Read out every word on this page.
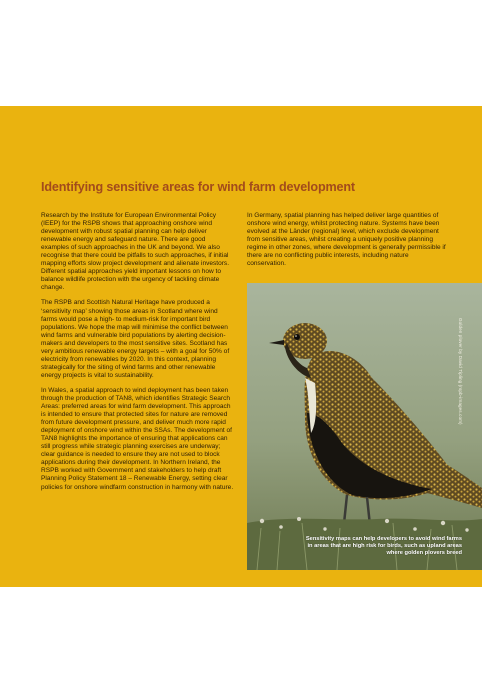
Identifying sensitive areas for wind farm development

Research by the Institute for European Environmental Policy (IEEP) for the RSPB shows that approaching onshore wind development with robust spatial planning can help deliver renewable energy and safeguard nature. There are good examples of such approaches in the UK and beyond. We also recognise that there could be pitfalls to such approaches, if initial mapping efforts slow project development and alienate investors. Different spatial approaches yield important lessons on how to balance wildlife protection with the urgency of tackling climate change.

The RSPB and Scottish Natural Heritage have produced a ‘sensitivity map’ showing those areas in Scotland where wind farms would pose a high- to medium-risk for important bird populations. We hope the map will minimise the conflict between wind farms and vulnerable bird populations by alerting decision-makers and developers to the most sensitive sites. Scotland has very ambitious renewable energy targets – with a goal for 50% of electricity from renewables by 2020. In this context, planning strategically for the siting of wind farms and other renewable energy projects is vital to sustainability.

In Wales, a spatial approach to wind deployment has been taken through the production of TAN8, which identifies Strategic Search Areas: preferred areas for wind farm development. This approach is intended to ensure that protected sites for nature are removed from future development pressure, and deliver much more rapid deployment of onshore wind within the SSAs. The development of TAN8 highlights the importance of ensuring that applications can still progress while strategic planning exercises are underway; clear guidance is needed to ensure they are not used to block applications during their development. In Northern Ireland, the RSPB worked with Government and stakeholders to help draft Planning Policy Statement 18 – Renewable Energy, setting clear policies for onshore windfarm construction in harmony with nature.

In Germany, spatial planning has helped deliver large quantities of onshore wind energy, whilst protecting nature. Systems have been evolved at the Länder (regional) level, which exclude development from sensitive areas, whilst creating a uniquely positive planning regime in other zones, where development is generally permissible if there are no conflicting public interests, including nature conservation.

Golden plover by David Tipling (rspb-images.com)
Sensitivity maps can help developers to avoid wind farms in areas that are high risk for birds, such as upland areas where golden plovers breed
